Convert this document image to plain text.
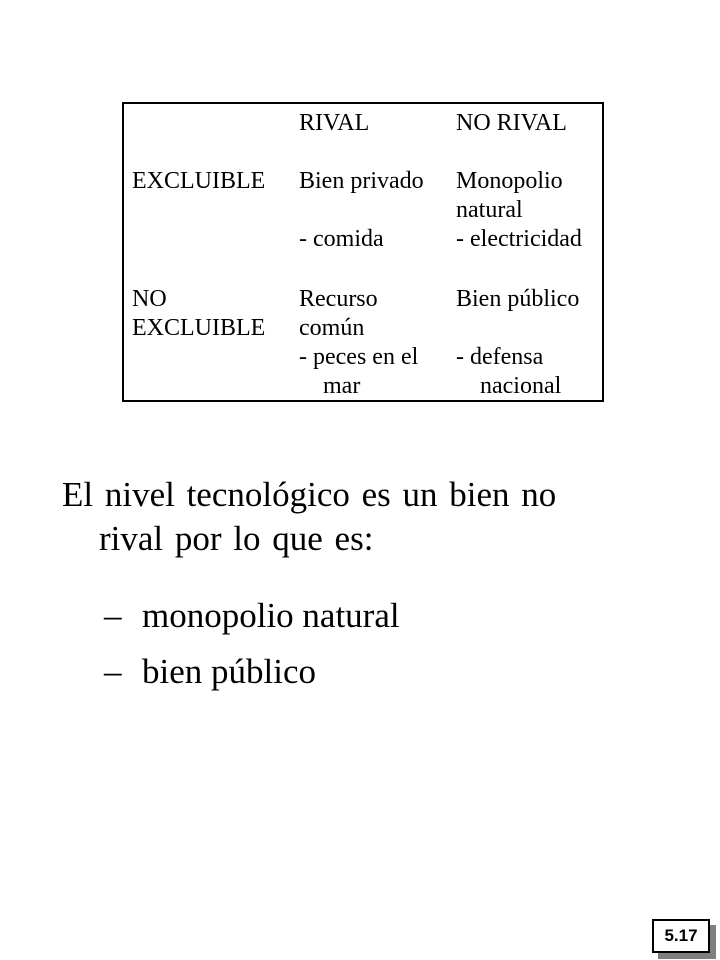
RIVAL	NO RIVAL
EXCLUIBLE Bien privado
- comida
Monopolio
natural
- electricidad
NO
EXCLUIBLE
Recurso
común
- peces en el
mar
Bien público
- defensa
nacional
El nivel tecnológico es un bien no
rival por lo que es:
– monopolio natural
– bien público
5.17
